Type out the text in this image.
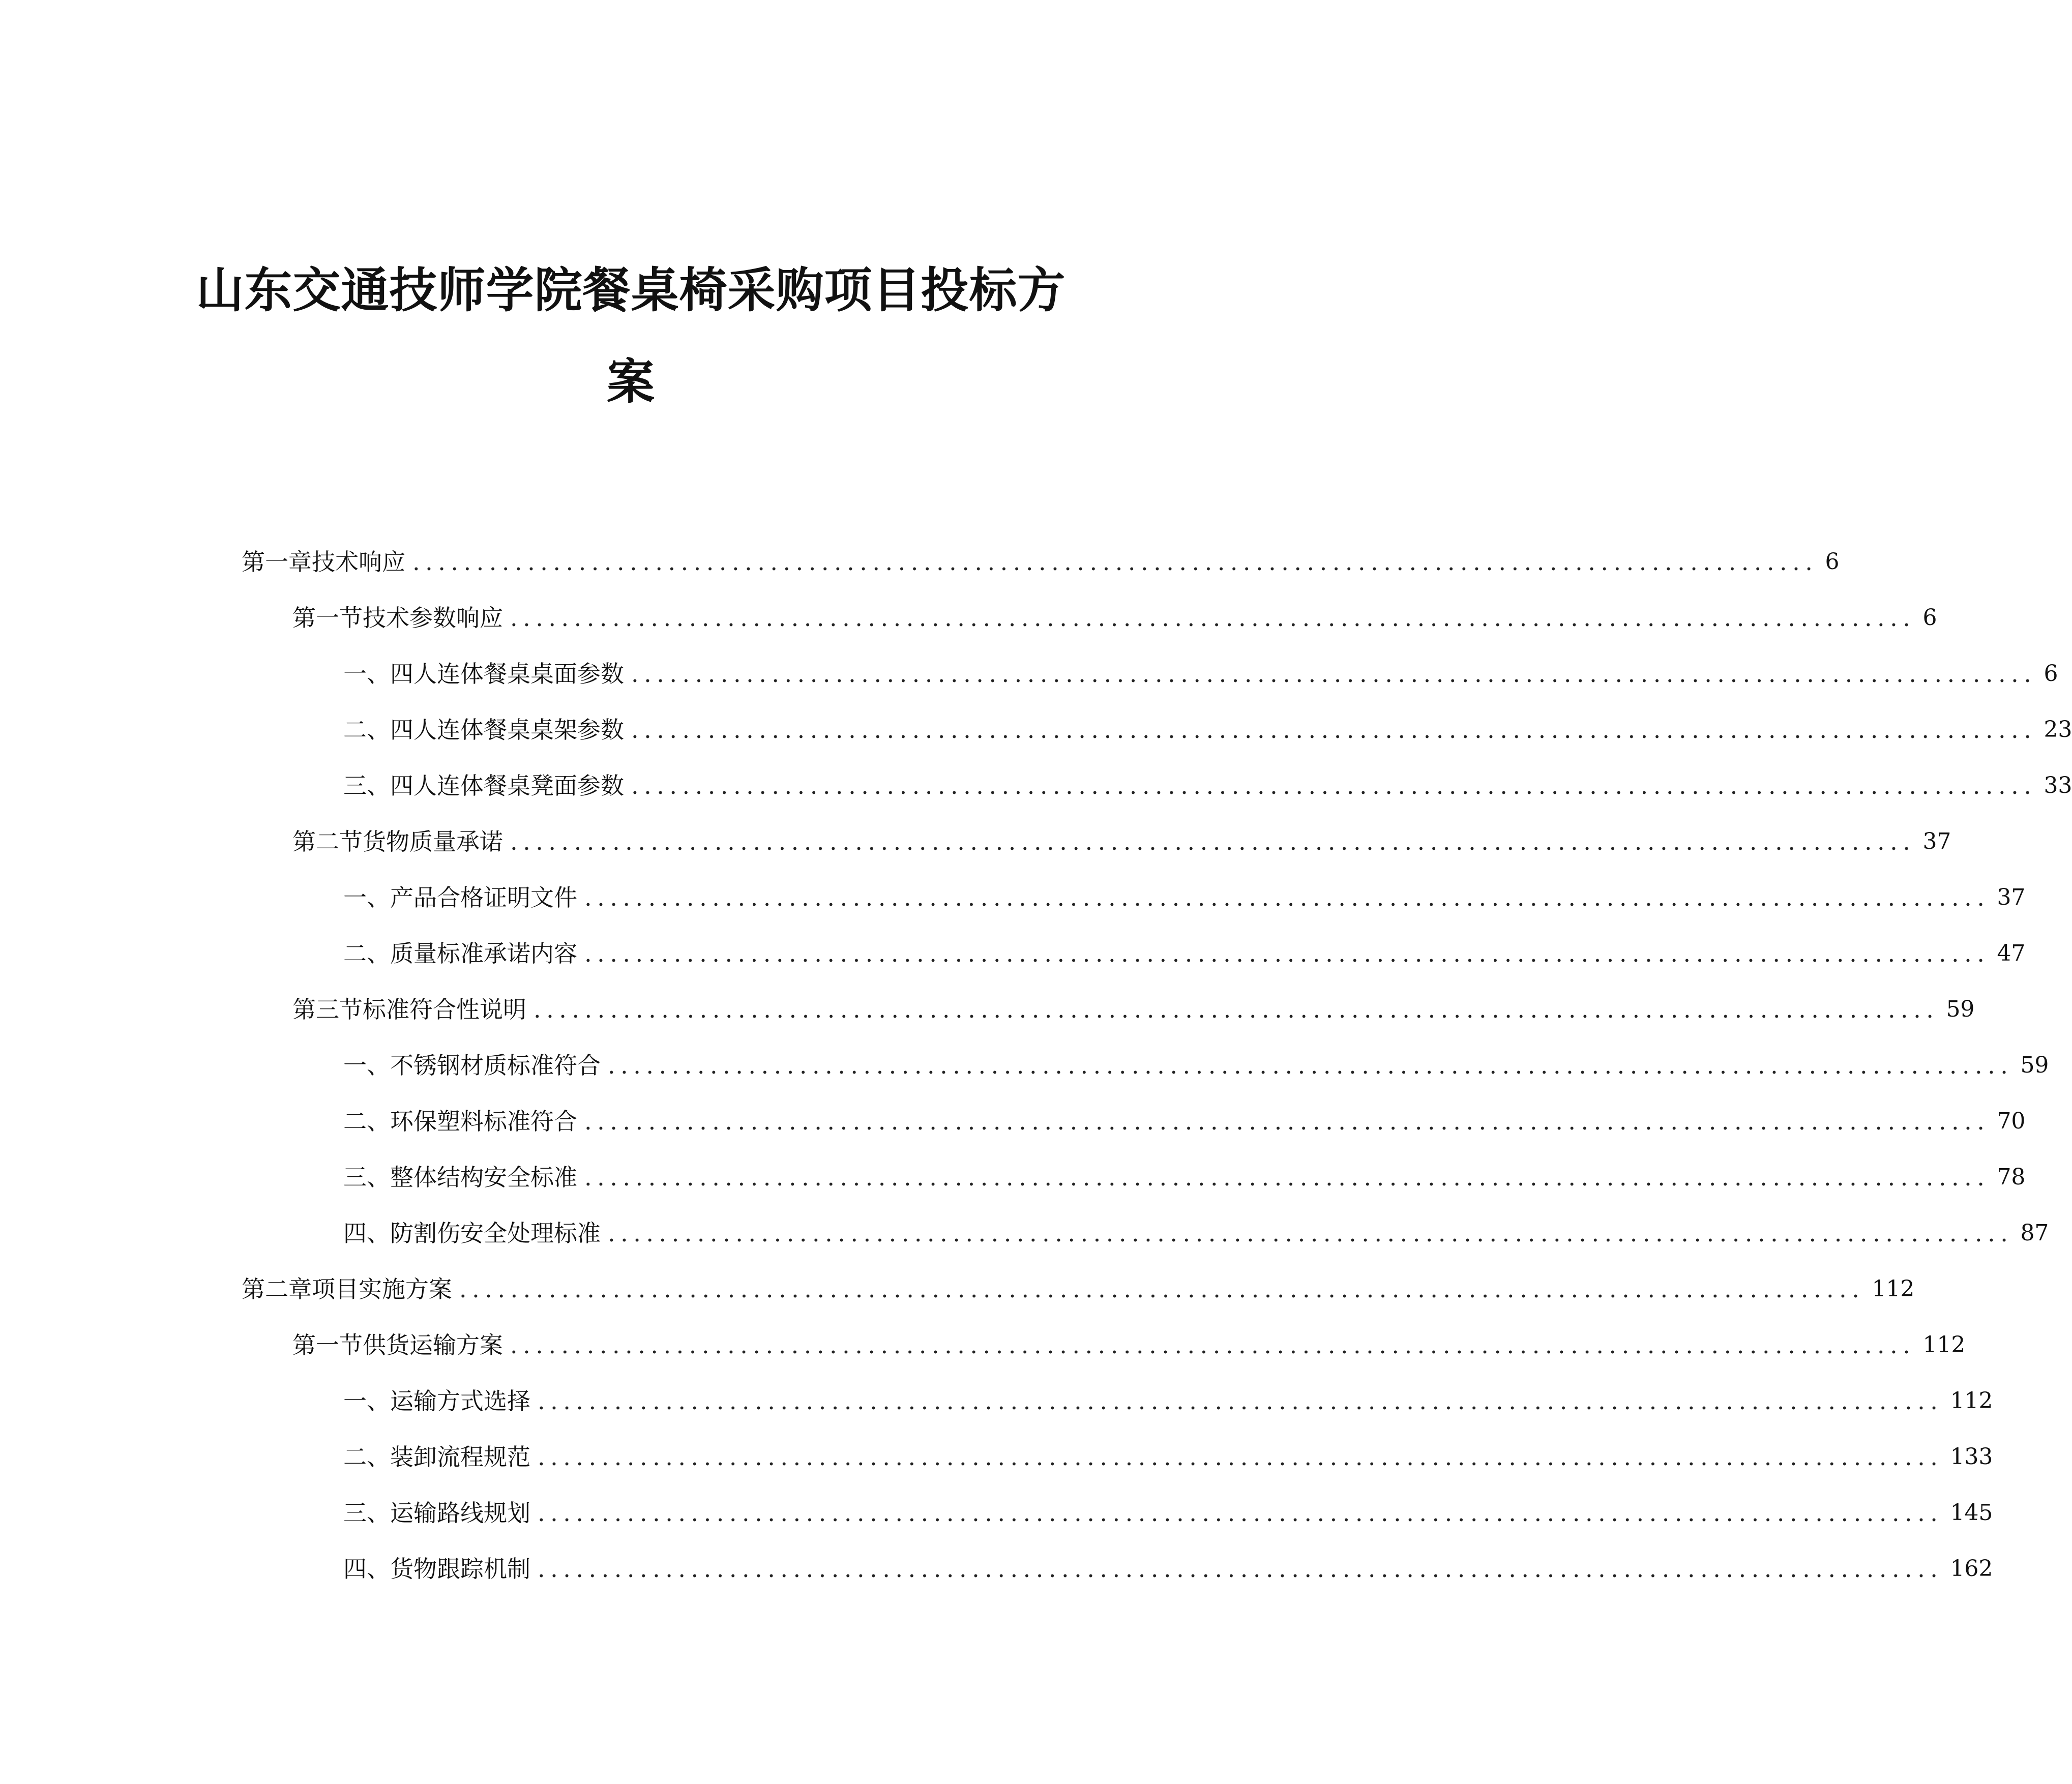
山东交通技师学院餐桌椅采购项目投标方
案
第一章 技术响应 .............................................................................................................. 6
第一节 技术参数响应 .............................................................................................................. 6
一、 四人连体餐桌桌面参数 .............................................................................................................. 6
二、 四人连体餐桌桌架参数 .............................................................................................................. 23
三、 四人连体餐桌凳面参数 .............................................................................................................. 33
第二节 货物质量承诺 .............................................................................................................. 37
一、 产品合格证明文件 .............................................................................................................. 37
二、 质量标准承诺内容 .............................................................................................................. 47
第三节 标准符合性说明 .............................................................................................................. 59
一、 不锈钢材质标准符合 .............................................................................................................. 59
二、 环保塑料标准符合 .............................................................................................................. 70
三、 整体结构安全标准 .............................................................................................................. 78
四、 防割伤安全处理标准 .............................................................................................................. 87
第二章 项目实施方案 .............................................................................................................. 112
第一节 供货运输方案 .............................................................................................................. 112
一、 运输方式选择 .............................................................................................................. 112
二、 装卸流程规范 .............................................................................................................. 133
三、 运输路线规划 .............................................................................................................. 145
四、 货物跟踪机制 .............................................................................................................. 162
